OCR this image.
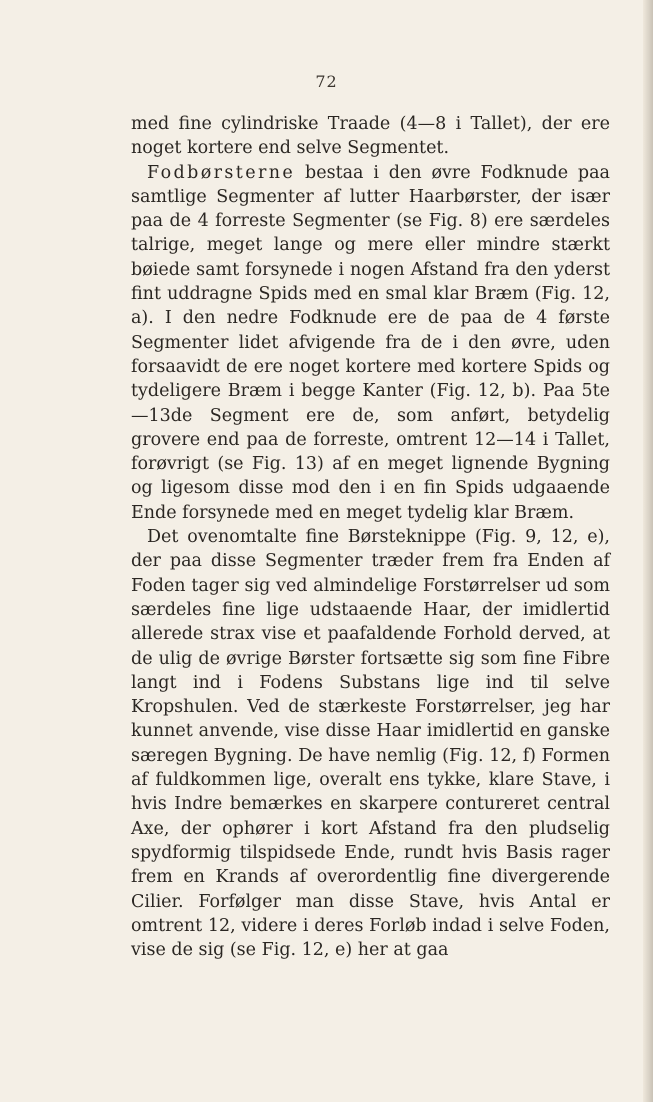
72

med fine cylindriske Traade (4—8 i Tallet), der ere noget kortere end selve Segmentet.

Fodbørsterne bestaa i den øvre Fodknude paa samtlige Segmenter af lutter Haarbørster, der især paa de 4 forreste Segmenter (se Fig. 8) ere særdeles talrige, meget lange og mere eller mindre stærkt bøiede samt forsynede i nogen Afstand fra den yderst fint uddragne Spids med en smal klar Bræm (Fig. 12, a). I den nedre Fodknude ere de paa de 4 første Segmenter lidet afvigende fra de i den øvre, uden forsaavidt de ere noget kortere med kortere Spids og tydeligere Bræm i begge Kanter (Fig. 12, b). Paa 5te—13de Segment ere de, som anført, betydelig grovere end paa de forreste, omtrent 12—14 i Tallet, forøvrigt (se Fig. 13) af en meget lignende Bygning og ligesom disse mod den i en fin Spids udgaaende Ende forsynede med en meget tydelig klar Bræm.

Det ovenomtalte fine Børsteknippe (Fig. 9, 12, e), der paa disse Segmenter træder frem fra Enden af Foden tager sig ved almindelige Forstørrelser ud som særdeles fine lige udstaaende Haar, der imidlertid allerede strax vise et paafaldende Forhold derved, at de ulig de øvrige Børster fortsætte sig som fine Fibre langt ind i Fodens Substans lige ind til selve Kropshulen. Ved de stærkeste Forstørrelser, jeg har kunnet anvende, vise disse Haar imidlertid en ganske særegen Bygning. De have nemlig (Fig. 12, f) Formen af fuldkommen lige, overalt ens tykke, klare Stave, i hvis Indre bemærkes en skarpere contureret central Axe, der ophører i kort Afstand fra den pludselig spydformig tilspidsede Ende, rundt hvis Basis rager frem en Krands af overordentlig fine divergerende Cilier. Forfølger man disse Stave, hvis Antal er omtrent 12, videre i deres Forløb indad i selve Foden, vise de sig (se Fig. 12, e) her at gaa
